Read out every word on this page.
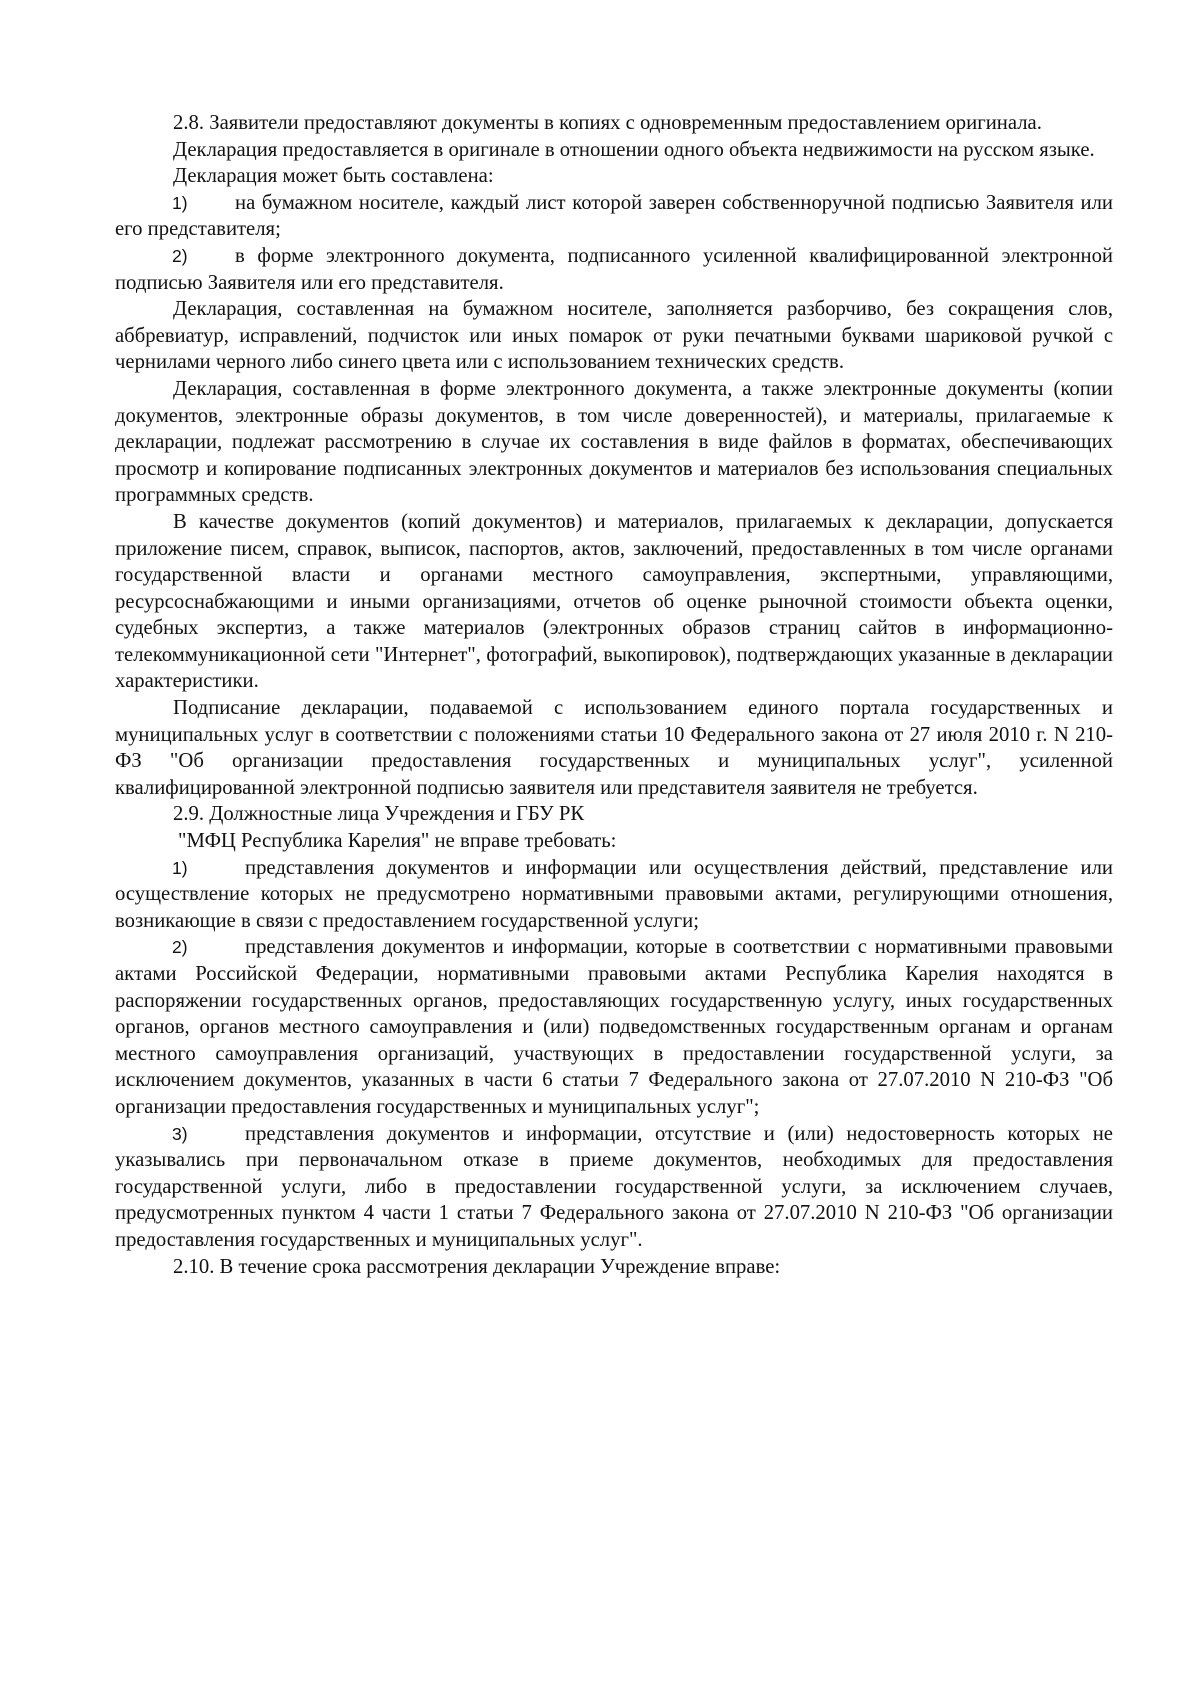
2.8. Заявители предоставляют документы в копиях с одновременным предоставлением оригинала.

Декларация предоставляется в оригинале в отношении одного объекта недвижимости на русском языке.

Декларация может быть составлена:

1) на бумажном носителе, каждый лист которой заверен собственноручной подписью Заявителя или его представителя;

2) в форме электронного документа, подписанного усиленной квалифицированной электронной подписью Заявителя или его представителя.

Декларация, составленная на бумажном носителе, заполняется разборчиво, без сокращения слов, аббревиатур, исправлений, подчисток или иных помарок от руки печатными буквами шариковой ручкой с чернилами черного либо синего цвета или с использованием технических средств.

Декларация, составленная в форме электронного документа, а также электронные документы (копии документов, электронные образы документов, в том числе доверенностей), и материалы, прилагаемые к декларации, подлежат рассмотрению в случае их составления в виде файлов в форматах, обеспечивающих просмотр и копирование подписанных электронных документов и материалов без использования специальных программных средств.

В качестве документов (копий документов) и материалов, прилагаемых к декларации, допускается приложение писем, справок, выписок, паспортов, актов, заключений, предоставленных в том числе органами государственной власти и органами местного самоуправления, экспертными, управляющими, ресурсоснабжающими и иными организациями, отчетов об оценке рыночной стоимости объекта оценки, судебных экспертиз, а также материалов (электронных образов страниц сайтов в информационно-телекоммуникационной сети "Интернет", фотографий, выкопировок), подтверждающих указанные в декларации характеристики.

Подписание декларации, подаваемой с использованием единого портала государственных и муниципальных услуг в соответствии с положениями статьи 10 Федерального закона от 27 июля 2010 г. N 210-ФЗ "Об организации предоставления государственных и муниципальных услуг", усиленной квалифицированной электронной подписью заявителя или представителя заявителя не требуется.

2.9. Должностные лица Учреждения и ГБУ РК

"МФЦ Республика Карелия" не вправе требовать:

1)	представления документов и информации или осуществления действий, представление или осуществление которых не предусмотрено нормативными правовыми актами, регулирующими отношения, возникающие в связи с предоставлением государственной услуги;

2)	представления документов и информации, которые в соответствии с нормативными правовыми актами Российской Федерации, нормативными правовыми актами Республика Карелия находятся в распоряжении государственных органов, предоставляющих государственную услугу, иных государственных органов, органов местного самоуправления и (или) подведомственных государственным органам и органам местного самоуправления организаций, участвующих в предоставлении государственной услуги, за исключением документов, указанных в части 6 статьи 7 Федерального закона от 27.07.2010 N 210-ФЗ "Об организации предоставления государственных и муниципальных услуг";

3)	представления документов и информации, отсутствие и (или) недостоверность которых не указывались при первоначальном отказе в приеме документов, необходимых для предоставления государственной услуги, либо в предоставлении государственной услуги, за исключением случаев, предусмотренных пунктом 4 части 1 статьи 7 Федерального закона от 27.07.2010 N 210-ФЗ "Об организации предоставления государственных и муниципальных услуг".

2.10. В течение срока рассмотрения декларации Учреждение вправе:
